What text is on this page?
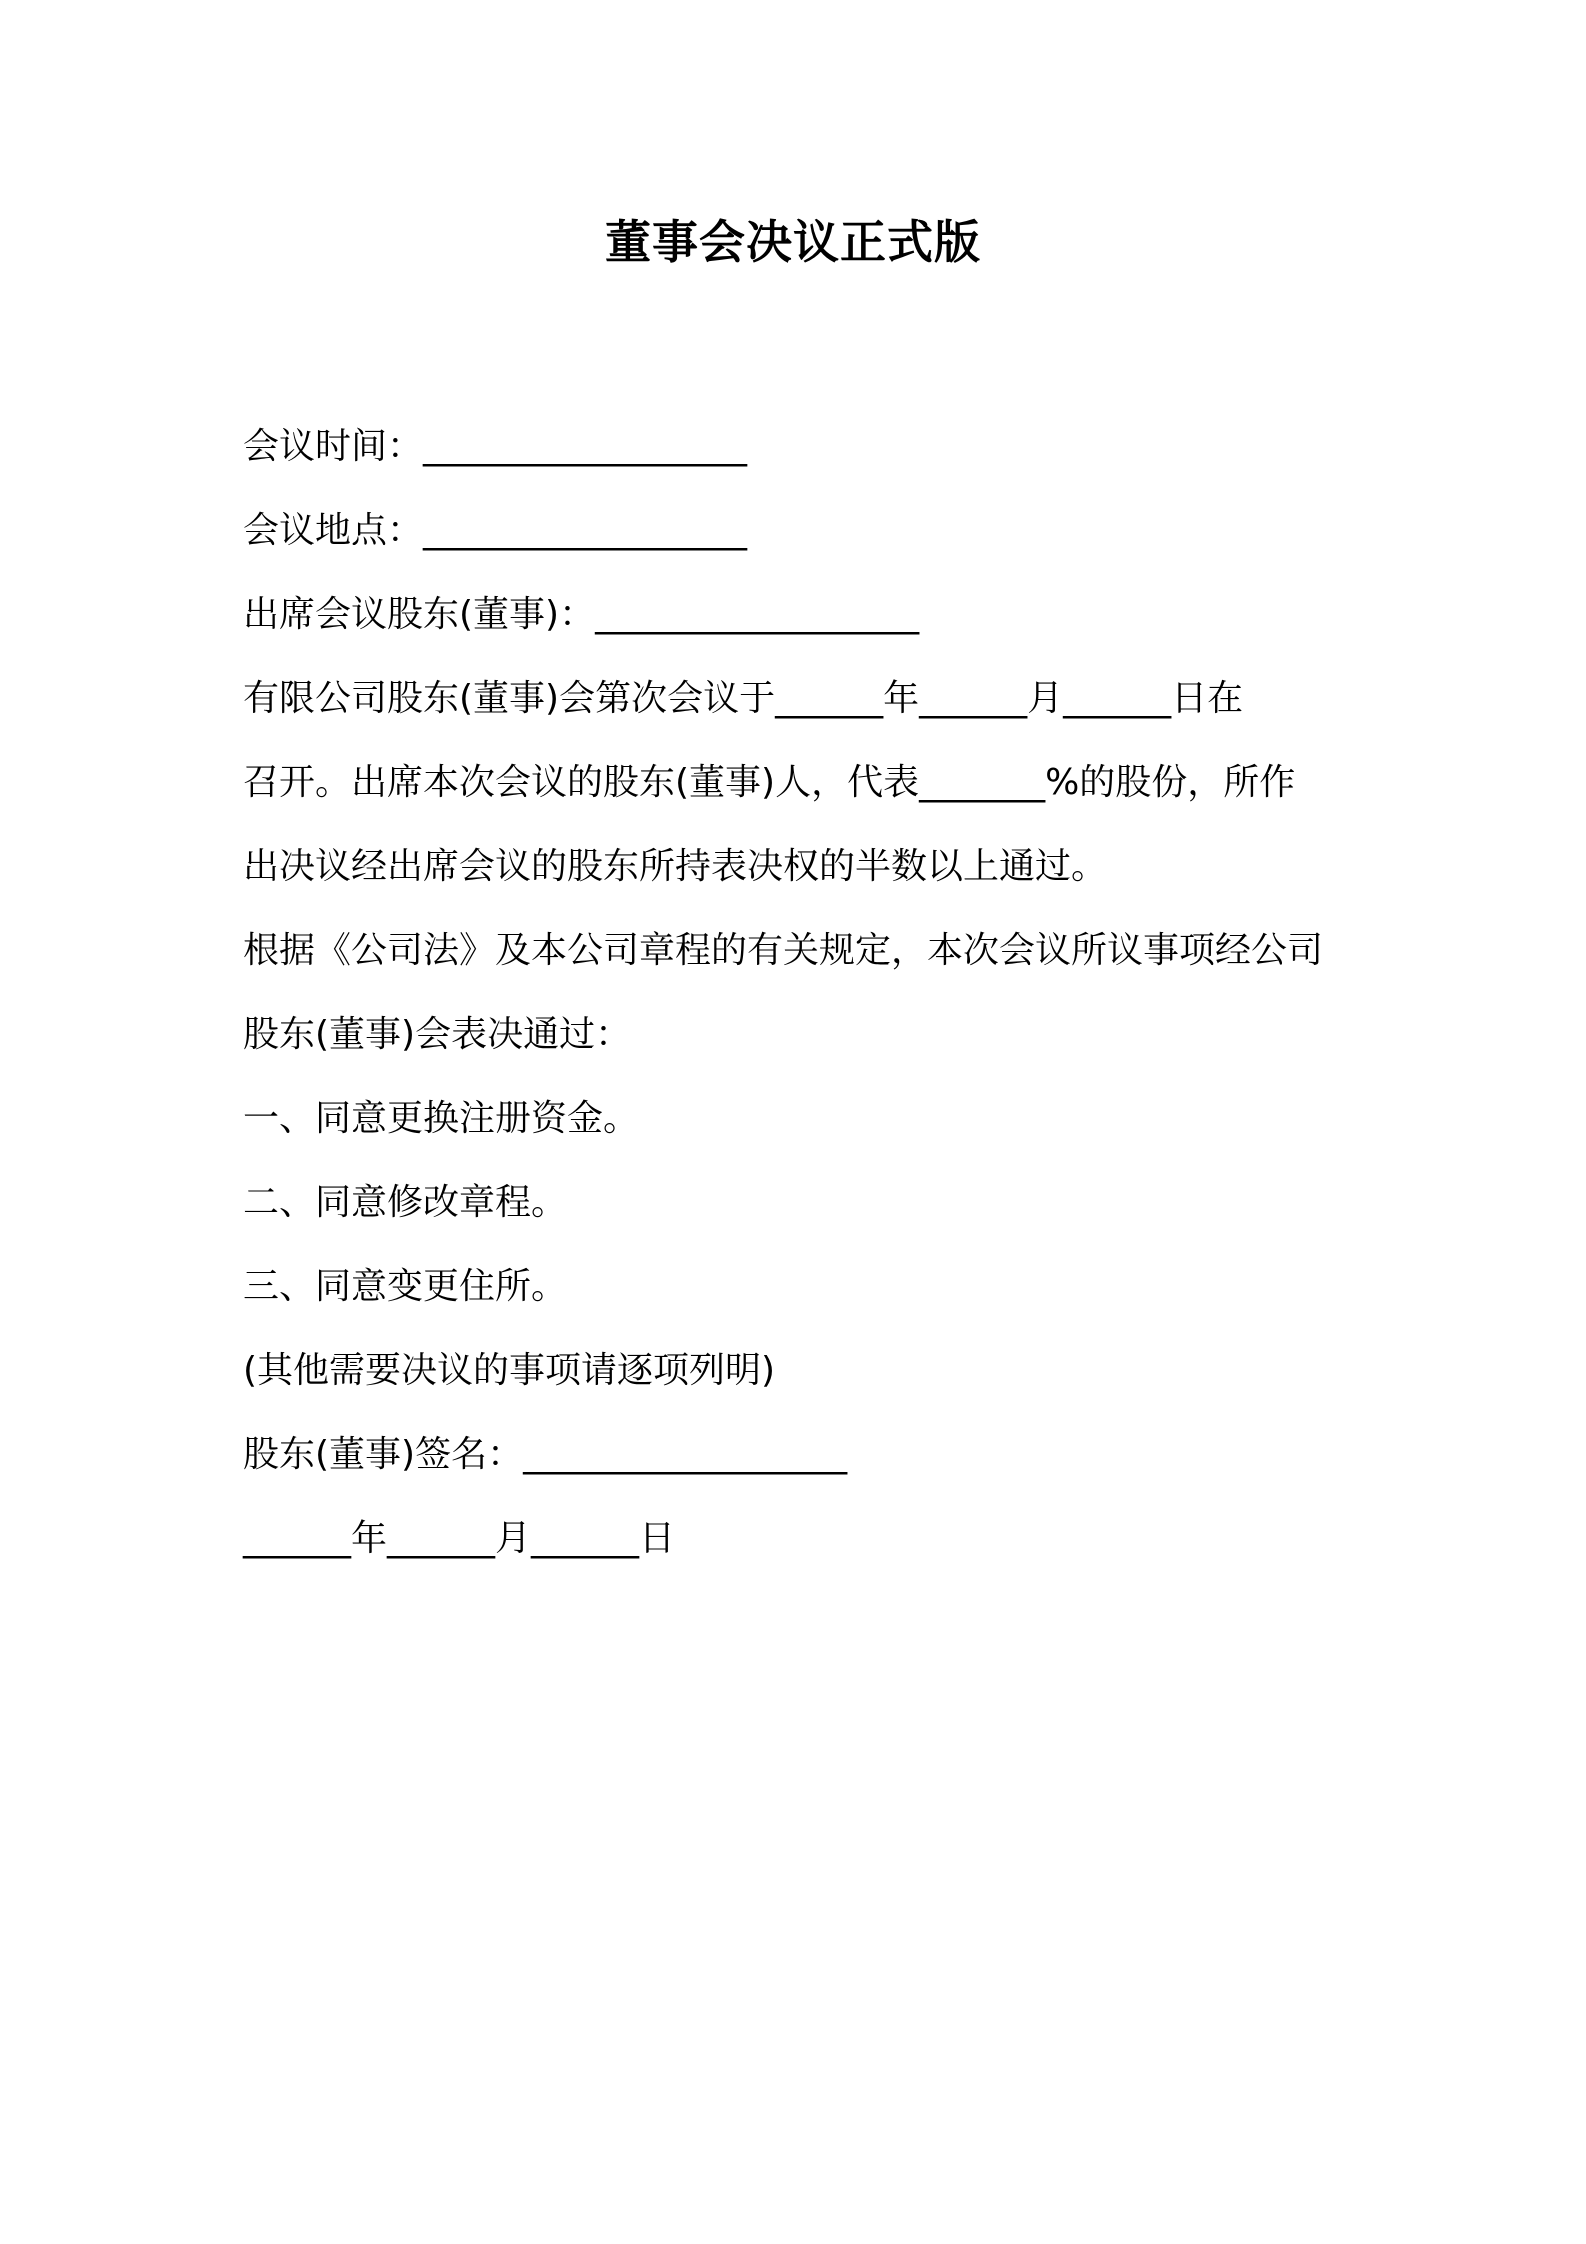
董事会决议正式版
会议时间：__________________
会议地点：__________________
出席会议股东(董事)：__________________
有限公司股东(董事)会第次会议于______年______月______日在
召开。出席本次会议的股东(董事)人，代表_______%的股份，所作
出决议经出席会议的股东所持表决权的半数以上通过。
根据《公司法》及本公司章程的有关规定，本次会议所议事项经公司
股东(董事)会表决通过：
一、同意更换注册资金。
二、同意修改章程。
三、同意变更住所。
(其他需要决议的事项请逐项列明)
股东(董事)签名：__________________
______年______月______日
